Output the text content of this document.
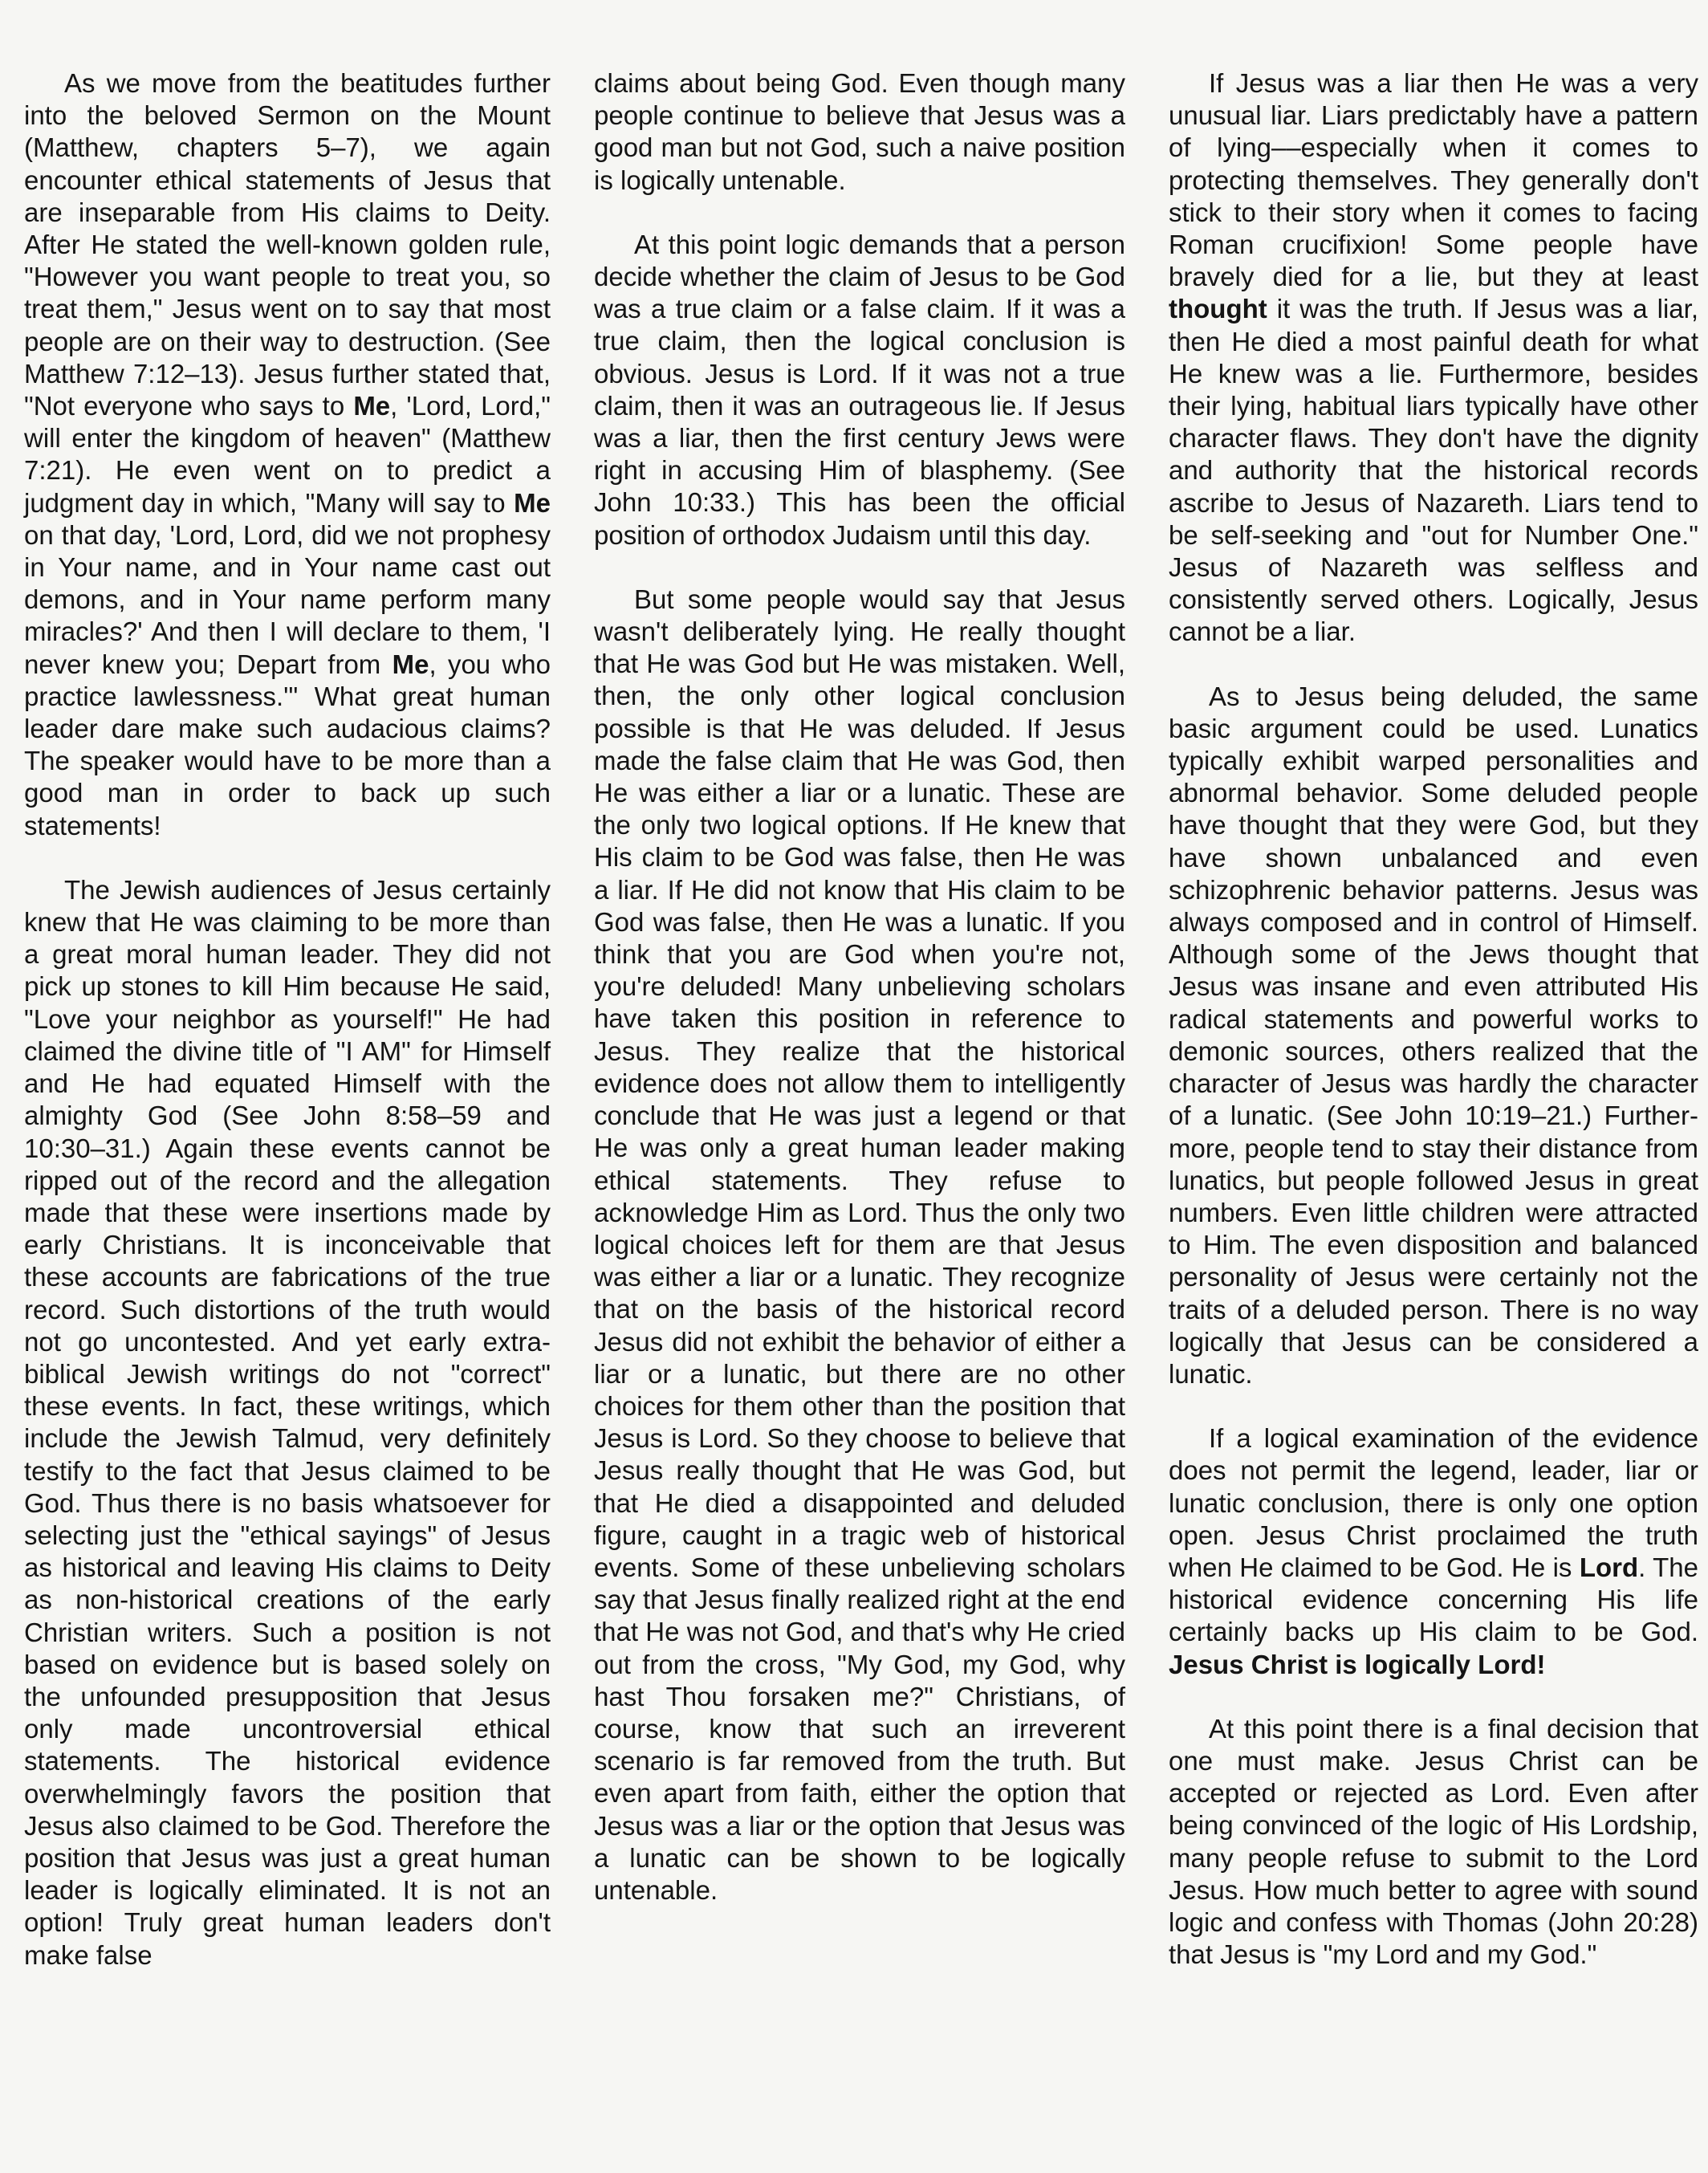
As we move from the beatitudes further into the beloved Sermon on the Mount (Matthew, chapters 5–7), we again encounter ethical statements of Jesus that are inseparable from His claims to Deity. After He stated the well-known golden rule, "However you want people to treat you, so treat them," Jesus went on to say that most people are on their way to destruction. (See Matthew 7:12–13). Jesus further stated that, "Not everyone who says to Me, 'Lord, Lord," will enter the kingdom of heaven" (Matthew 7:21). He even went on to predict a judgment day in which, "Many will say to Me on that day, 'Lord, Lord, did we not prophesy in Your name, and in Your name cast out demons, and in Your name perform many miracles?' And then I will declare to them, 'I never knew you; Depart from Me, you who practice lawlessness.'" What great human leader dare make such audacious claims? The speaker would have to be more than a good man in order to back up such statements!

The Jewish audiences of Jesus certainly knew that He was claiming to be more than a great moral human leader. They did not pick up stones to kill Him because He said, "Love your neighbor as yourself!" He had claimed the divine title of "I AM" for Himself and He had equated Himself with the almighty God (See John 8:58–59 and 10:30–31.) Again these events cannot be ripped out of the record and the allegation made that these were insertions made by early Christians. It is inconceivable that these accounts are fabrications of the true record. Such distortions of the truth would not go uncontested. And yet early extra-biblical Jewish writings do not "correct" these events. In fact, these writings, which include the Jewish Talmud, very definitely testify to the fact that Jesus claimed to be God. Thus there is no basis whatsoever for selecting just the "ethical sayings" of Jesus as historical and leaving His claims to Deity as non-historical creations of the early Christian writers. Such a position is not based on evidence but is based solely on the unfounded presupposition that Jesus only made uncontroversial ethical statements. The historical evidence overwhelmingly favors the position that Jesus also claimed to be God. Therefore the position that Jesus was just a great human leader is logically eliminated. It is not an option! Truly great human leaders don't make false

claims about being God. Even though many people continue to believe that Jesus was a good man but not God, such a naive position is logically untenable.

At this point logic demands that a person decide whether the claim of Jesus to be God was a true claim or a false claim. If it was a true claim, then the logical conclusion is obvious. Jesus is Lord. If it was not a true claim, then it was an outrageous lie. If Jesus was a liar, then the first century Jews were right in accusing Him of blasphemy. (See John 10:33.) This has been the official position of orthodox Judaism until this day.

But some people would say that Jesus wasn't deliberately lying. He really thought that He was God but He was mistaken. Well, then, the only other logical conclusion possible is that He was deluded. If Jesus made the false claim that He was God, then He was either a liar or a lunatic. These are the only two logical options. If He knew that His claim to be God was false, then He was a liar. If He did not know that His claim to be God was false, then He was a lunatic. If you think that you are God when you're not, you're deluded! Many unbelieving scholars have taken this position in reference to Jesus. They realize that the historical evidence does not allow them to intelligently conclude that He was just a legend or that He was only a great human leader making ethical statements. They refuse to acknowledge Him as Lord. Thus the only two logical choices left for them are that Jesus was either a liar or a lunatic. They recognize that on the basis of the historical record Jesus did not exhibit the behavior of either a liar or a lunatic, but there are no other choices for them other than the position that Jesus is Lord. So they choose to believe that Jesus really thought that He was God, but that He died a disappointed and deluded figure, caught in a tragic web of historical events. Some of these unbelieving scholars say that Jesus finally realized right at the end that He was not God, and that's why He cried out from the cross, "My God, my God, why hast Thou forsaken me?" Christians, of course, know that such an irreverent scenario is far removed from the truth. But even apart from faith, either the option that Jesus was a liar or the option that Jesus was a lunatic can be shown to be logically untenable.

If Jesus was a liar then He was a very unusual liar. Liars predictably have a pattern of lying––especially when it comes to protecting themselves. They generally don't stick to their story when it comes to facing Roman crucifixion! Some people have bravely died for a lie, but they at least thought it was the truth. If Jesus was a liar, then He died a most painful death for what He knew was a lie. Furthermore, besides their lying, habitual liars typically have other character flaws. They don't have the dignity and authority that the historical records ascribe to Jesus of Nazareth. Liars tend to be self-seeking and "out for Number One." Jesus of Nazareth was selfless and consistently served others. Logically, Jesus cannot be a liar.

As to Jesus being deluded, the same basic argument could be used. Lunatics typically exhibit warped personalities and abnormal behavior. Some deluded people have thought that they were God, but they have shown unbalanced and even schizophrenic behavior patterns. Jesus was always composed and in control of Himself. Although some of the Jews thought that Jesus was insane and even attributed His radical statements and powerful works to demonic sources, others realized that the character of Jesus was hardly the character of a lunatic. (See John 10:19–21.) Further-more, people tend to stay their distance from lunatics, but people followed Jesus in great numbers. Even little children were attracted to Him. The even disposition and balanced personality of Jesus were certainly not the traits of a deluded person. There is no way logically that Jesus can be considered a lunatic.

If a logical examination of the evidence does not permit the legend, leader, liar or lunatic conclusion, there is only one option open. Jesus Christ proclaimed the truth when He claimed to be God. He is Lord. The historical evidence concerning His life certainly backs up His claim to be God. Jesus Christ is logically Lord!

At this point there is a final decision that one must make. Jesus Christ can be accepted or rejected as Lord. Even after being convinced of the logic of His Lordship, many people refuse to submit to the Lord Jesus. How much better to agree with sound logic and confess with Thomas (John 20:28) that Jesus is "my Lord and my God."
